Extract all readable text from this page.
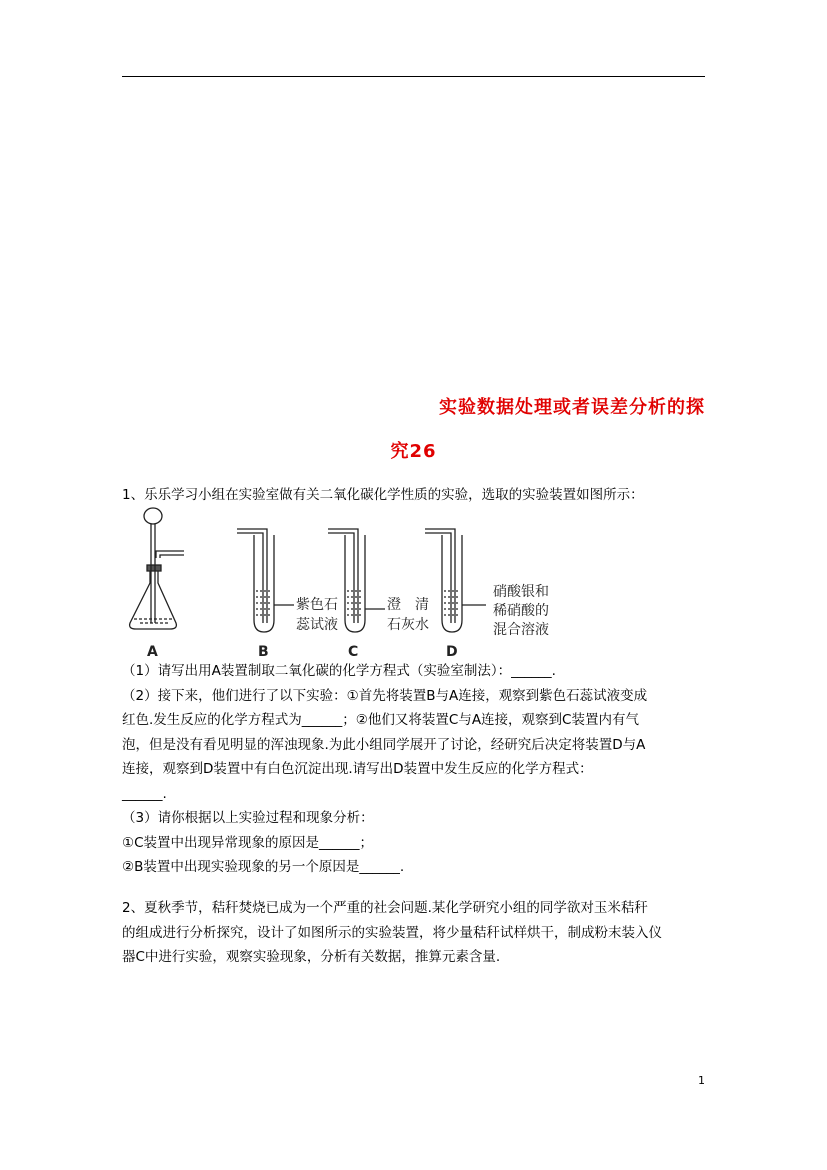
实验数据处理或者误差分析的探
究26
1、乐乐学习小组在实验室做有关二氧化碳化学性质的实验，选取的实验装置如图所示：
A	B	C	D
紫色石
蕊试液
澄　清
石灰水
硝酸银和
稀硝酸的
混合溶液
（1）请写出用A装置制取二氧化碳的化学方程式（实验室制法）：______.
（2）接下来，他们进行了以下实验：①首先将装置B与A连接，观察到紫色石蕊试液变成
红色.发生反应的化学方程式为______；②他们又将装置C与A连接，观察到C装置内有气
泡，但是没有看见明显的浑浊现象.为此小组同学展开了讨论，经研究后决定将装置D与A
连接，观察到D装置中有白色沉淀出现.请写出D装置中发生反应的化学方程式：
______.
（3）请你根据以上实验过程和现象分析：
①C装置中出现异常现象的原因是______；
②B装置中出现实验现象的另一个原因是______.
2、夏秋季节，秸秆焚烧已成为一个严重的社会问题.某化学研究小组的同学欲对玉米秸秆
的组成进行分析探究，设计了如图所示的实验装置，将少量秸秆试样烘干，制成粉末装入仪
器C中进行实验，观察实验现象，分析有关数据，推算元素含量.
1
